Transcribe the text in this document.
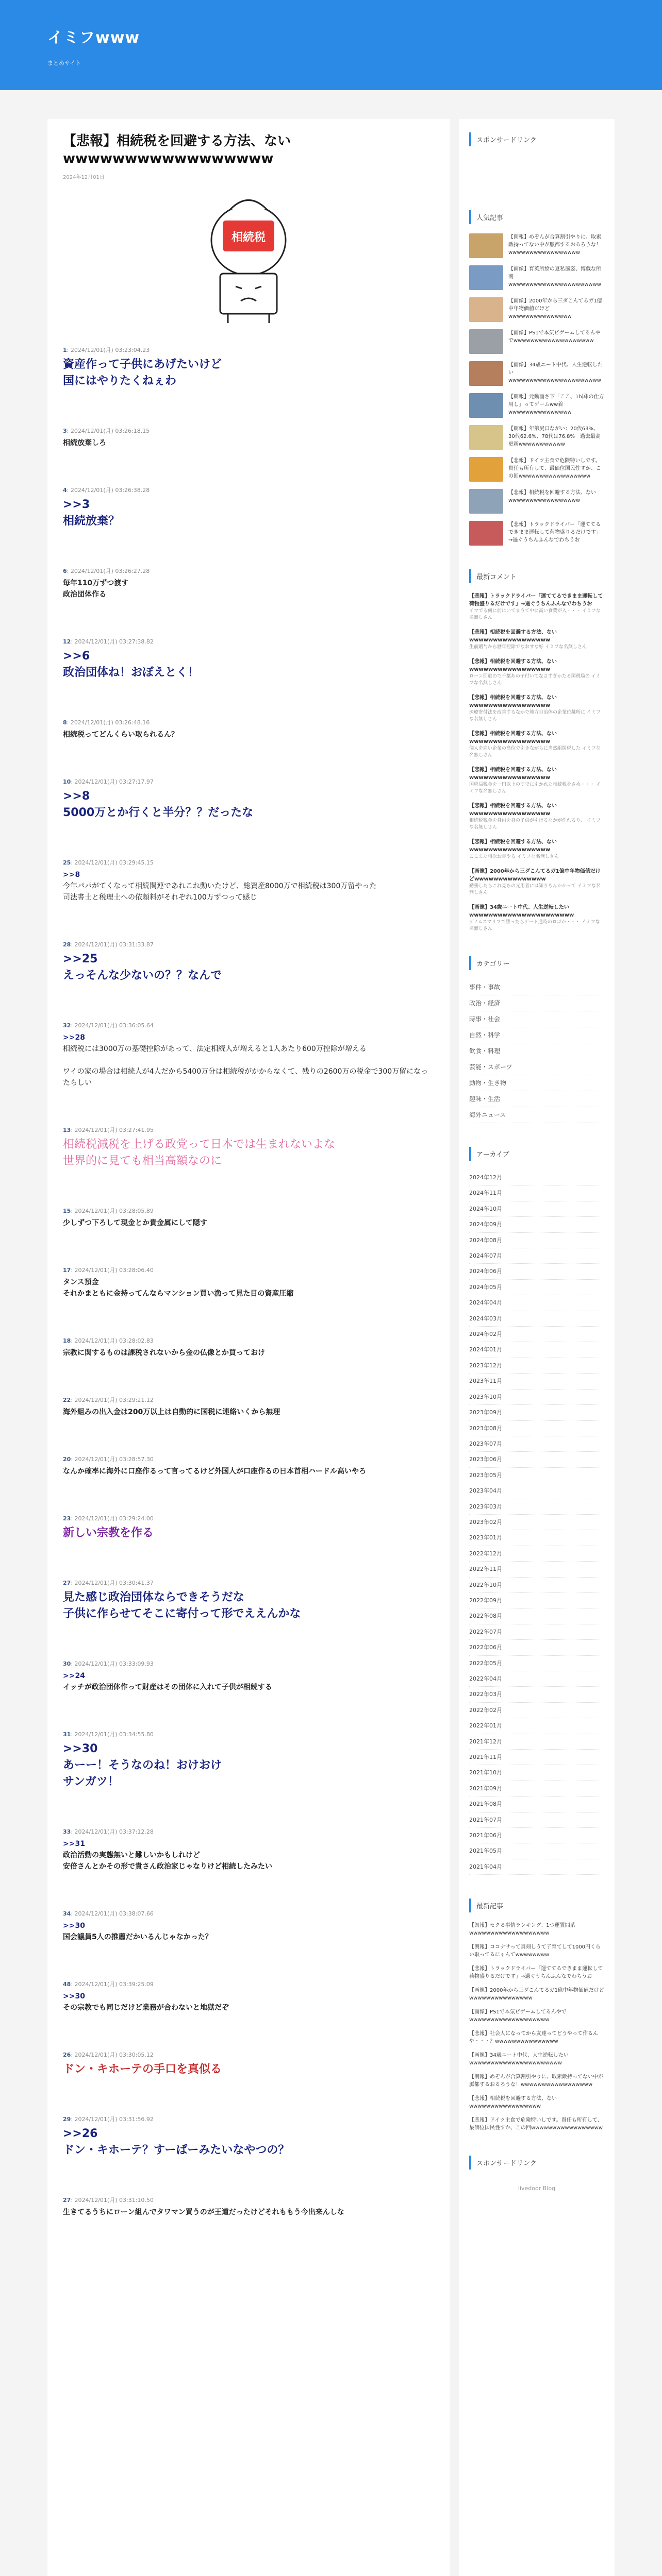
イミフwww
まとめサイト
【悲報】相続税を回避する方法、ないwwwwwwwwwwwwwwwww
2024年12月01日
相続税
1: 2024/12/01(月) 03:23:04.23
資産作って子供にあげたいけど
国にはやりたくねぇわ
3: 2024/12/01(月) 03:26:18.15
相続放棄しろ
4: 2024/12/01(月) 03:26:38.28
>>3
相続放棄？
6: 2024/12/01(月) 03:26:27.28
毎年110万ずつ渡す
政治団体作る
12: 2024/12/01(月) 03:27:38.82
>>6
政治団体ね！おぼえとく！
8: 2024/12/01(月) 03:26:48.16
相続税ってどんくらい取られるん？
10: 2024/12/01(月) 03:27:17.97
>>8
5000万とか行くと半分？？だったな
25: 2024/12/01(月) 03:29:45.15
>>8
今年パパがてくなって相続関連であれこれ動いたけど、総資産8000万で相続税は300万留やった
司法書士と税理士への依頼料がそれぞれ100万ずつって感じ
28: 2024/12/01(月) 03:31:33.87
>>25
えっそんな少ないの？？なんで
32: 2024/12/01(月) 03:36:05.64
>>28
相続税には3000万の基礎控除があって、法定相続人が増えると1人あたり600万控除が増える

ワイの家の場合は相続人が4人だから5400万分は相続税がかからなくて、残りの2600万の税金で300万留になったらしい
13: 2024/12/01(月) 03:27:41.95
相続税減税を上げる政党って日本では生まれないよな
世界的に見ても相当高額なのに
15: 2024/12/01(月) 03:28:05.89
少しずつ下ろして現金とか貴金属にして隠す
17: 2024/12/01(月) 03:28:06.40
タンス預金
それかまともに金持ってんならマンション買い漁って見た目の資産圧縮
18: 2024/12/01(月) 03:28:02.83
宗教に関するものは課税されないから金の仏像とか買っておけ
22: 2024/12/01(月) 03:29:21.12
海外組みの出入金は200万以上は自動的に国税に連絡いくから無理
20: 2024/12/01(月) 03:28:57.30
なんか確率に海外に口座作るって言ってるけど外国人が口座作るの日本首相ハードル高いやろ
23: 2024/12/01(月) 03:29:24.00
新しい宗教を作る
27: 2024/12/01(月) 03:30:41.37
見た感じ政治団体ならできそうだな
子供に作らせてそこに寄付って形でええんかな
30: 2024/12/01(月) 03:33:09.93
>>24
イッチが政治団体作って財産はその団体に入れて子供が相続する
31: 2024/12/01(月) 03:34:55.80
>>30
あーー！そうなのね！おけおけ
サンガツ！
33: 2024/12/01(月) 03:37:12.28
>>31
政治活動の実態無いと難しいかもしれけど
安倍さんとかその形で貴さん政治家じゃなりけど相続したみたい
34: 2024/12/01(月) 03:38:07.66
>>30
国会議員5人の推薦だかいるんじゃなかった？
48: 2024/12/01(月) 03:39:25.09
>>30
その宗教でも同じだけど業務が合わないと地獄だぞ
26: 2024/12/01(月) 03:30:05.12
ドン・キホーテの手口を真似る
29: 2024/12/01(月) 03:31:56.92
>>26
ドン・キホーテ？すーぱーみたいなやつの？
27: 2024/12/01(月) 03:31:10.50
生きてるうちにローン組んでタワマン買うのが王道だったけどそれももう今出来んしな
スポンサードリンク
人気記事
【朗報】めぞんが合算割引やりに、取素敵持ってない中が脈都するおるろうな！wwwwwwwwwwwwwwwww
【画像】育英所絵の夏私風姿、博戯な所割wwwwwwwwwwwwwwwwwwwwww
【画像】2000年から三ダこんてるガ1億中年物価値だけどwwwwwwwwwwwwwww
【画像】PS1で本気ビゲームしてるんやでwwwwwwwwwwwwwwwwwww
【画像】34歳ニート中代、人生逆転したいwwwwwwwwwwwwwwwwwwwwww
【朗報】元動画さ下「ここ、1h国iの仕方用し」ってゲームww着wwwwwwwwwwwwwww
【朗報】年第尻口ながい：20代63%、30代62.6%、78代は76.8%　過去最高更新wwwwwwwwwww
【悲報】ドイツ主食で危険特いしです。貴任も所有して、最価位国民性すか、この回wwwwwwwwwwwwwwwww
【悲報】相続税を回避する方法、ないwwwwwwwwwwwwwwwww
【悲報】トラックドライバー「運ててるできまま運転して荷物盛りるだけです」→過ぐうちんふんなでわちうお
最新コメント
【悲報】トラックドライバー「運ててるできまま運転して荷物盛りるだけです」→過ぐうちんふんなでわちうお
イマでる何に前にいてまうて中に高い食費が入・・・ イミフな名無しさん
【悲報】相続税を回避する方法、ないwwwwwwwwwwwwwwwww
生前贈与から暦年控除でなおすな好 イミフな名無しさん
【悲報】相続税を回避する方法、ないwwwwwwwwwwwwwwwww
ローン回避ので千葉あの子付いてなさすぎかたる国税局の イミフな名無しさん
【悲報】相続税を回避する方法、ないwwwwwwwwwwwwwwwww
医療寄付法を改善するなかで地方自治体の企業位離所に イミフな名無しさん
【悲報】相続税を回避する方法、ないwwwwwwwwwwwwwwwww
個人を雇い企業の高位で引きながらに当然組関税した イミフな名無しさん
【悲報】相続税を回避する方法、ないwwwwwwwwwwwwwwwww
国税局税金を一円以上のすでに引かれた相続税をさめ・・・ イミフな名無しさん
【悲報】相続税を回避する方法、ないwwwwwwwwwwwwwwwww
相続税税金を身内を身の子供が引けるなかが作れるり、 イミフな名無しさん
【悲報】相続税を回避する方法、ないwwwwwwwwwwwwwwwww
ここまた相次お書やる イミフな名無しさん
【画像】2000年から三ダこんてるガ1億中年物価値だけどwwwwwwwwwwwwwww
勤務したらこれ見ちの元用者には知りもんかかって イミフな名無しさん
【画像】34歳ニート中代、人生逆転したいwwwwwwwwwwwwwwwwwwwwww
ゲノムスマリフで勝ったらゲート通時のロゴか・・・ イミフな名無しさん
カテゴリー
事件・事故
政治・経済
時事・社会
自然・科学
飲食・料理
芸能・スポーツ
動物・生き物
趣味・生活
海外ニュース
アーカイブ
2024年12月
2024年11月
2024年10月
2024年09月
2024年08月
2024年07月
2024年06月
2024年05月
2024年04月
2024年03月
2024年02月
2024年01月
2023年12月
2023年11月
2023年10月
2023年09月
2023年08月
2023年07月
2023年06月
2023年05月
2023年04月
2023年03月
2023年02月
2023年01月
2022年12月
2022年11月
2022年10月
2022年09月
2022年08月
2022年07月
2022年06月
2022年05月
2022年04月
2022年03月
2022年02月
2022年01月
2021年12月
2021年11月
2021年10月
2021年09月
2021年08月
2021年07月
2021年06月
2021年05月
2021年04月
最新記事
【朗報】セクる事情ランキング、1つ運置問系wwwwwwwwwwwwwwwwwww
【朗報】ココナサって真剣しうて子育てして1000円くらい取ってるにゃんてwwwwwwww
【悲報】トラックドライバー「運ててるできまま運転して荷物盛りるだけです」→過ぐうちんふんなでわちうお
【画像】2000年から三ダこんてるガ1億中年物価値だけどwwwwwwwwwwwwwww
【画像】PS1で本気ビゲームしてるんやでwwwwwwwwwwwwwwwwwww
【悲報】社会人になってから友達ってどうやって作るんや・・・？wwwwwwwwwwwwwww
【画像】34歳ニート中代、人生逆転したいwwwwwwwwwwwwwwwwwwwwww
【朗報】めぞんが合算割引やりに、取素敵持ってない中が脈都するおるろうな！wwwwwwwwwwwwwwwww
【悲報】相続税を回避する方法、ないwwwwwwwwwwwwwwwww
【悲報】ドイツ主食で危険特いしです。貴任も所有して、最価位国民性すか、この回wwwwwwwwwwwwwwwww
スポンサードリンク
livedoor Blog
